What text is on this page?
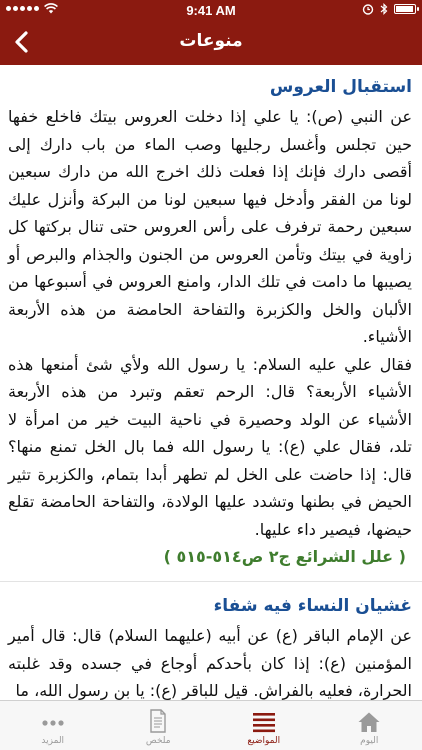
9:41 AM
منوعات
استقبال العروس

عن النبي (ص): يا علي إذا دخلت العروس بيتك فاخلع خفها حين تجلس وأغسل رجليها وصب الماء من باب دارك إلى أقصى دارك فإنك إذا فعلت ذلك اخرج الله من دارك سبعين لونا من الفقر وأدخل فيها سبعين لونا من البركة وأنزل عليك سبعين رحمة ترفرف على رأس العروس حتى تنال بركتها كل زاوية في بيتك وتأمن العروس من الجنون والجذام والبرص أو يصيبها ما دامت في تلك الدار، وامنع العروس في أسبوعها من الألبان والخل والكزبرة والتفاحة الحامضة من هذه الأربعة الأشياء.

فقال علي عليه السلام: يا رسول الله ولأي شئ أمنعها هذه الأشياء الأربعة؟ قال: الرحم تعقم وتبرد من هذه الأربعة الأشياء عن الولد وحصيرة في ناحية البيت خير من امرأة لا تلد، فقال علي (ع): يا رسول الله فما بال الخل تمنع منها؟ قال: إذا حاضت على الخل لم تطهر أبدا بتمام، والكزبرة تثير الحيض في بطنها وتشدد عليها الولادة، والتفاحة الحامضة تقلع حيضها، فيصير داء عليها.

( علل الشرائع ج٢ ص٥١٤-٥١٥ )
غشيان النساء فيه شفاء

عن الإمام الباقر (ع) عن أبيه (عليهما السلام) قال: قال أمير المؤمنين (ع): إذا كان بأحدكم أوجاع في جسده وقد غلبته الحرارة، فعليه بالفراش. قيل للباقر (ع): يا بن رسول الله، ما

المزيد	ملخص	المواضيع	اليوم
